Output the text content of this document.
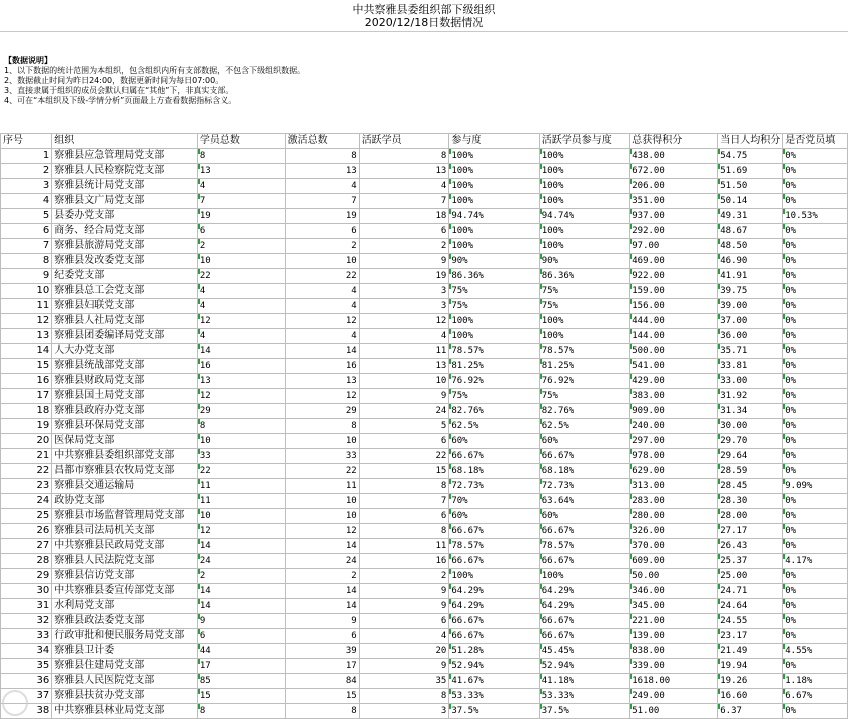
中共察雅县委组织部下级组织
2020/12/18日数据情况
【数据说明】
1、以下数据的统计范围为本组织，包含组织内所有支部数据，不包含下级组织数据。
2、数据截止时间为昨日24:00，数据更新时间为每日07:00。
3、直接隶属于组织的成员会默认归属在“其他”下，非真实支部。
4、可在“本组织及下级-学情分析”页面最上方查看数据指标含义。
序号	组织	学员总数	激活总数	活跃学员	参与度	活跃学员参与度	总获得积分	当日人均积分	是否党员填
1	察雅县应急管理局党支部	8	8	8	100%	100%	438.00	54.75	0%
2	察雅县人民检察院党支部	13	13	13	100%	100%	672.00	51.69	0%
3	察雅县统计局党支部	4	4	4	100%	100%	206.00	51.50	0%
4	察雅县文广局党支部	7	7	7	100%	100%	351.00	50.14	0%
5	县委办党支部	19	19	18	94.74%	94.74%	937.00	49.31	10.53%
6	商务、经合局党支部	6	6	6	100%	100%	292.00	48.67	0%
7	察雅县旅游局党支部	2	2	2	100%	100%	97.00	48.50	0%
8	察雅县发改委党支部	10	10	9	90%	90%	469.00	46.90	0%
9	纪委党支部	22	22	19	86.36%	86.36%	922.00	41.91	0%
10	察雅县总工会党支部	4	4	3	75%	75%	159.00	39.75	0%
11	察雅县妇联党支部	4	4	3	75%	75%	156.00	39.00	0%
12	察雅县人社局党支部	12	12	12	100%	100%	444.00	37.00	0%
13	察雅县团委编译局党支部	4	4	4	100%	100%	144.00	36.00	0%
14	人大办党支部	14	14	11	78.57%	78.57%	500.00	35.71	0%
15	察雅县统战部党支部	16	16	13	81.25%	81.25%	541.00	33.81	0%
16	察雅县财政局党支部	13	13	10	76.92%	76.92%	429.00	33.00	0%
17	察雅县国土局党支部	12	12	9	75%	75%	383.00	31.92	0%
18	察雅县政府办党支部	29	29	24	82.76%	82.76%	909.00	31.34	0%
19	察雅县环保局党支部	8	8	5	62.5%	62.5%	240.00	30.00	0%
20	医保局党支部	10	10	6	60%	60%	297.00	29.70	0%
21	中共察雅县委组织部党支部	33	33	22	66.67%	66.67%	978.00	29.64	0%
22	昌都市察雅县农牧局党支部	22	22	15	68.18%	68.18%	629.00	28.59	0%
23	察雅县交通运输局	11	11	8	72.73%	72.73%	313.00	28.45	9.09%
24	政协党支部	11	10	7	70%	63.64%	283.00	28.30	0%
25	察雅县市场监督管理局党支部	10	10	6	60%	60%	280.00	28.00	0%
26	察雅县司法局机关支部	12	12	8	66.67%	66.67%	326.00	27.17	0%
27	中共察雅县民政局党支部	14	14	11	78.57%	78.57%	370.00	26.43	0%
28	察雅县人民法院党支部	24	24	16	66.67%	66.67%	609.00	25.37	4.17%
29	察雅县信访党支部	2	2	2	100%	100%	50.00	25.00	0%
30	中共察雅县委宣传部党支部	14	14	9	64.29%	64.29%	346.00	24.71	0%
31	水利局党支部	14	14	9	64.29%	64.29%	345.00	24.64	0%
32	察雅县政法委党支部	9	9	6	66.67%	66.67%	221.00	24.55	0%
33	行政审批和便民服务局党支部	6	6	4	66.67%	66.67%	139.00	23.17	0%
34	察雅县卫计委	44	39	20	51.28%	45.45%	838.00	21.49	4.55%
35	察雅县住建局党支部	17	17	9	52.94%	52.94%	339.00	19.94	0%
36	察雅县人民医院党支部	85	84	35	41.67%	41.18%	1618.00	19.26	1.18%
37	察雅县扶贫办党支部	15	15	8	53.33%	53.33%	249.00	16.60	6.67%
38	中共察雅县林业局党支部	8	8	3	37.5%	37.5%	51.00	6.37	0%
